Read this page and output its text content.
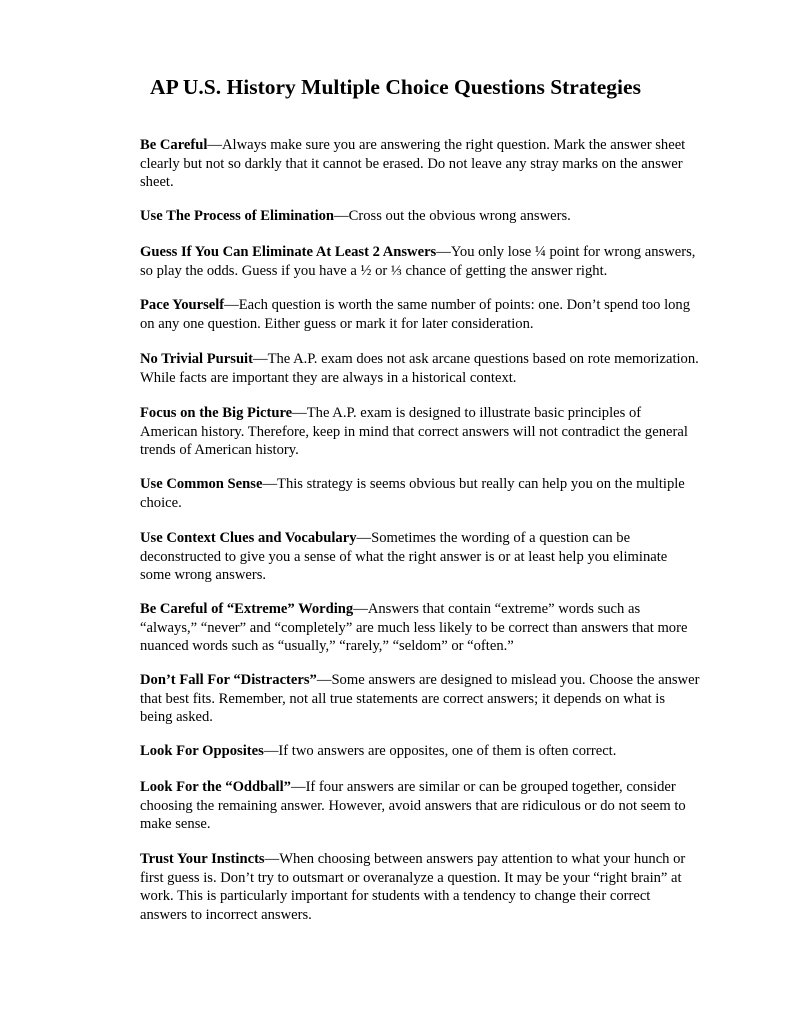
AP U.S. History Multiple Choice Questions Strategies

Be Careful—Always make sure you are answering the right question. Mark the answer sheet clearly but not so darkly that it cannot be erased. Do not leave any stray marks on the answer sheet.

Use The Process of Elimination—Cross out the obvious wrong answers.

Guess If You Can Eliminate At Least 2 Answers—You only lose ¼ point for wrong answers, so play the odds. Guess if you have a ½ or ⅓ chance of getting the answer right.

Pace Yourself—Each question is worth the same number of points: one. Don’t spend too long on any one question. Either guess or mark it for later consideration.

No Trivial Pursuit—The A.P. exam does not ask arcane questions based on rote memorization. While facts are important they are always in a historical context.

Focus on the Big Picture—The A.P. exam is designed to illustrate basic principles of American history. Therefore, keep in mind that correct answers will not contradict the general trends of American history.

Use Common Sense—This strategy is seems obvious but really can help you on the multiple choice.

Use Context Clues and Vocabulary—Sometimes the wording of a question can be deconstructed to give you a sense of what the right answer is or at least help you eliminate some wrong answers.

Be Careful of “Extreme” Wording—Answers that contain “extreme” words such as “always,” “never” and “completely” are much less likely to be correct than answers that more nuanced words such as “usually,” “rarely,” “seldom” or “often.”

Don’t Fall For “Distracters”—Some answers are designed to mislead you. Choose the answer that best fits. Remember, not all true statements are correct answers; it depends on what is being asked.

Look For Opposites—If two answers are opposites, one of them is often correct.

Look For the “Oddball”—If four answers are similar or can be grouped together, consider choosing the remaining answer. However, avoid answers that are ridiculous or do not seem to make sense.

Trust Your Instincts—When choosing between answers pay attention to what your hunch or first guess is. Don’t try to outsmart or overanalyze a question. It may be your “right brain” at work. This is particularly important for students with a tendency to change their correct answers to incorrect answers.
